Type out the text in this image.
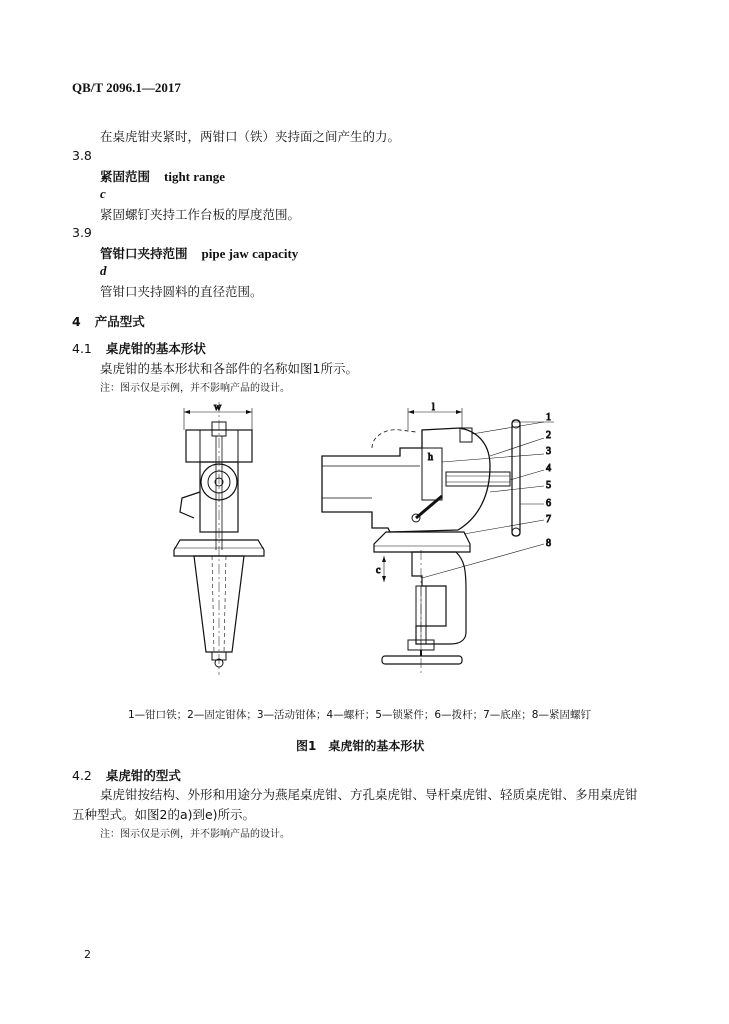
QB/T 2096.1—2017
在桌虎钳夹紧时，两钳口（铁）夹持面之间产生的力。
3.8
紧固范围 tight range
c
紧固螺钉夹持工作台板的厚度范围。
3.9
管钳口夹持范围 pipe jaw capacity
d
管钳口夹持圆料的直径范围。
4 产品型式
4.1 桌虎钳的基本形状
桌虎钳的基本形状和各部件的名称如图1所示。
注：图示仅是示例，并不影响产品的设计。
w	l
h
c
1
2
3
4
5
6
7
8
1—钳口铁；2—固定钳体；3—活动钳体；4—螺杆；5—锁紧件；6—拨杆；7—底座；8—紧固螺钉
图1　桌虎钳的基本形状
4.2 桌虎钳的型式
桌虎钳按结构、外形和用途分为燕尾桌虎钳、方孔桌虎钳、导杆桌虎钳、轻质桌虎钳、多用桌虎钳
五种型式。如图2的a)到e)所示。
注：图示仅是示例，并不影响产品的设计。
2
